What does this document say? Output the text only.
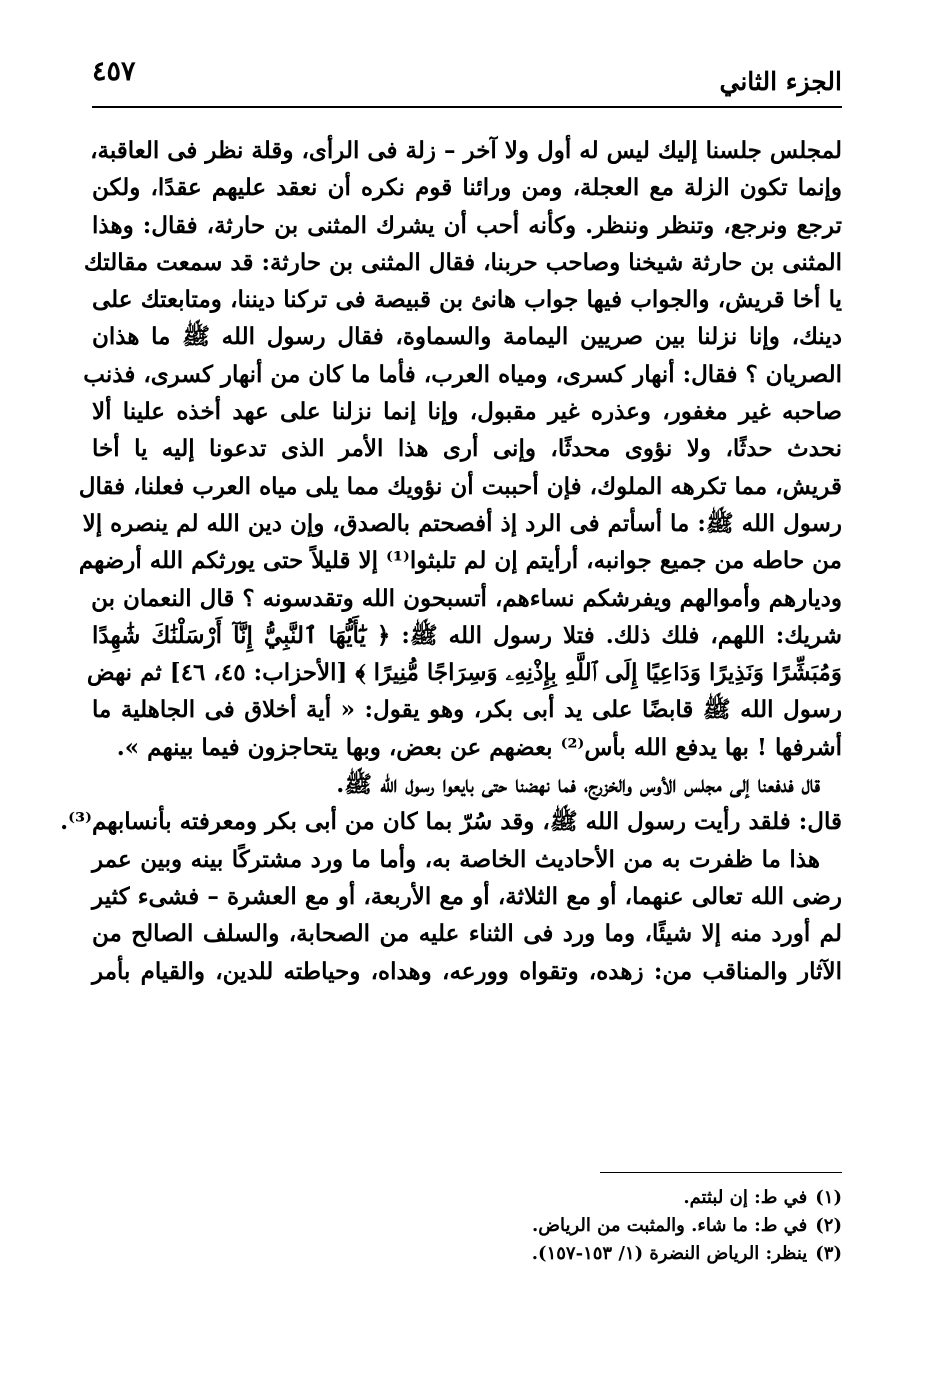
الجزء الثاني
٤٥٧
لمجلس جلسنا إليك ليس له أول ولا آخر – زلة فى الرأى، وقلة نظر فى العاقبة،
وإنما تكون الزلة مع العجلة، ومن ورائنا قوم نكره أن نعقد عليهم عقدًا، ولكن
ترجع ونرجع، وتنظر وننظر. وكأنه أحب أن يشرك المثنى بن حارثة، فقال: وهذا
المثنى بن حارثة شيخنا وصاحب حربنا، فقال المثنى بن حارثة: قد سمعت مقالتك
يا أخا قريش، والجواب فيها جواب هانئ بن قبيصة فى تركنا ديننا، ومتابعتك على
دينك، وإنا نزلنا بين صريين اليمامة والسماوة، فقال رسول الله ﷺ ما هذان
الصريان ؟ فقال: أنهار كسرى، ومياه العرب، فأما ما كان من أنهار كسرى، فذنب
صاحبه غير مغفور، وعذره غير مقبول، وإنا إنما نزلنا على عهد أخذه علينا ألا
نحدث حدثًا، ولا نؤوى محدثًا، وإنى أرى هذا الأمر الذى تدعونا إليه يا أخا
قريش، مما تكرهه الملوك، فإن أحببت أن نؤويك مما يلى مياه العرب فعلنا، فقال
رسول الله ﷺ: ما أسأتم فى الرد إذ أفصحتم بالصدق، وإن دين الله لم ينصره إلا
من حاطه من جميع جوانبه، أرأيتم إن لم تلبثوا⁽¹⁾ إلا قليلاً حتى يورثكم الله أرضهم
وديارهم وأموالهم ويفرشكم نساءهم، أتسبحون الله وتقدسونه ؟ قال النعمان بن
شريك: اللهم، فلك ذلك. فتلا رسول الله ﷺ: ﴿ يَٰٓأَيُّهَا ٱلنَّبِيُّ إِنَّآ أَرْسَلْنَٰكَ شَٰهِدًا
وَمُبَشِّرًا وَنَذِيرًا وَدَاعِيًا إِلَى ٱللَّهِ بِإِذْنِهِۦ وَسِرَاجًا مُّنِيرًا ﴾ [الأحزاب: ٤٥، ٤٦] ثم نهض
رسول الله ﷺ قابضًا على يد أبى بكر، وهو يقول: « أية أخلاق فى الجاهلية ما
أشرفها ! بها يدفع الله بأس⁽²⁾ بعضهم عن بعض، وبها يتحاجزون فيما بينهم ».
قال فدفعنا إلى مجلس الأوس والخزرج، فما نهضنا حتى بايعوا رسول الله ﷺ.
قال: فلقد رأيت رسول الله ﷺ، وقد سُرّ بما كان من أبى بكر ومعرفته بأنسابهم⁽³⁾.
هذا ما ظفرت به من الأحاديث الخاصة به، وأما ما ورد مشتركًا بينه وبين عمر
رضى الله تعالى عنهما، أو مع الثلاثة، أو مع الأربعة، أو مع العشرة – فشىء كثير
لم أورد منه إلا شيئًا، وما ورد فى الثناء عليه من الصحابة، والسلف الصالح من
الآثار والمناقب من: زهده، وتقواه وورعه، وهداه، وحياطته للدين، والقيام بأمر
(١)في ط: إن لبثتم.
(٢)في ط: ما شاء. والمثبت من الرياض.
(٣)ينظر: الرياض النضرة (١/ ١٥٣-١٥٧).
